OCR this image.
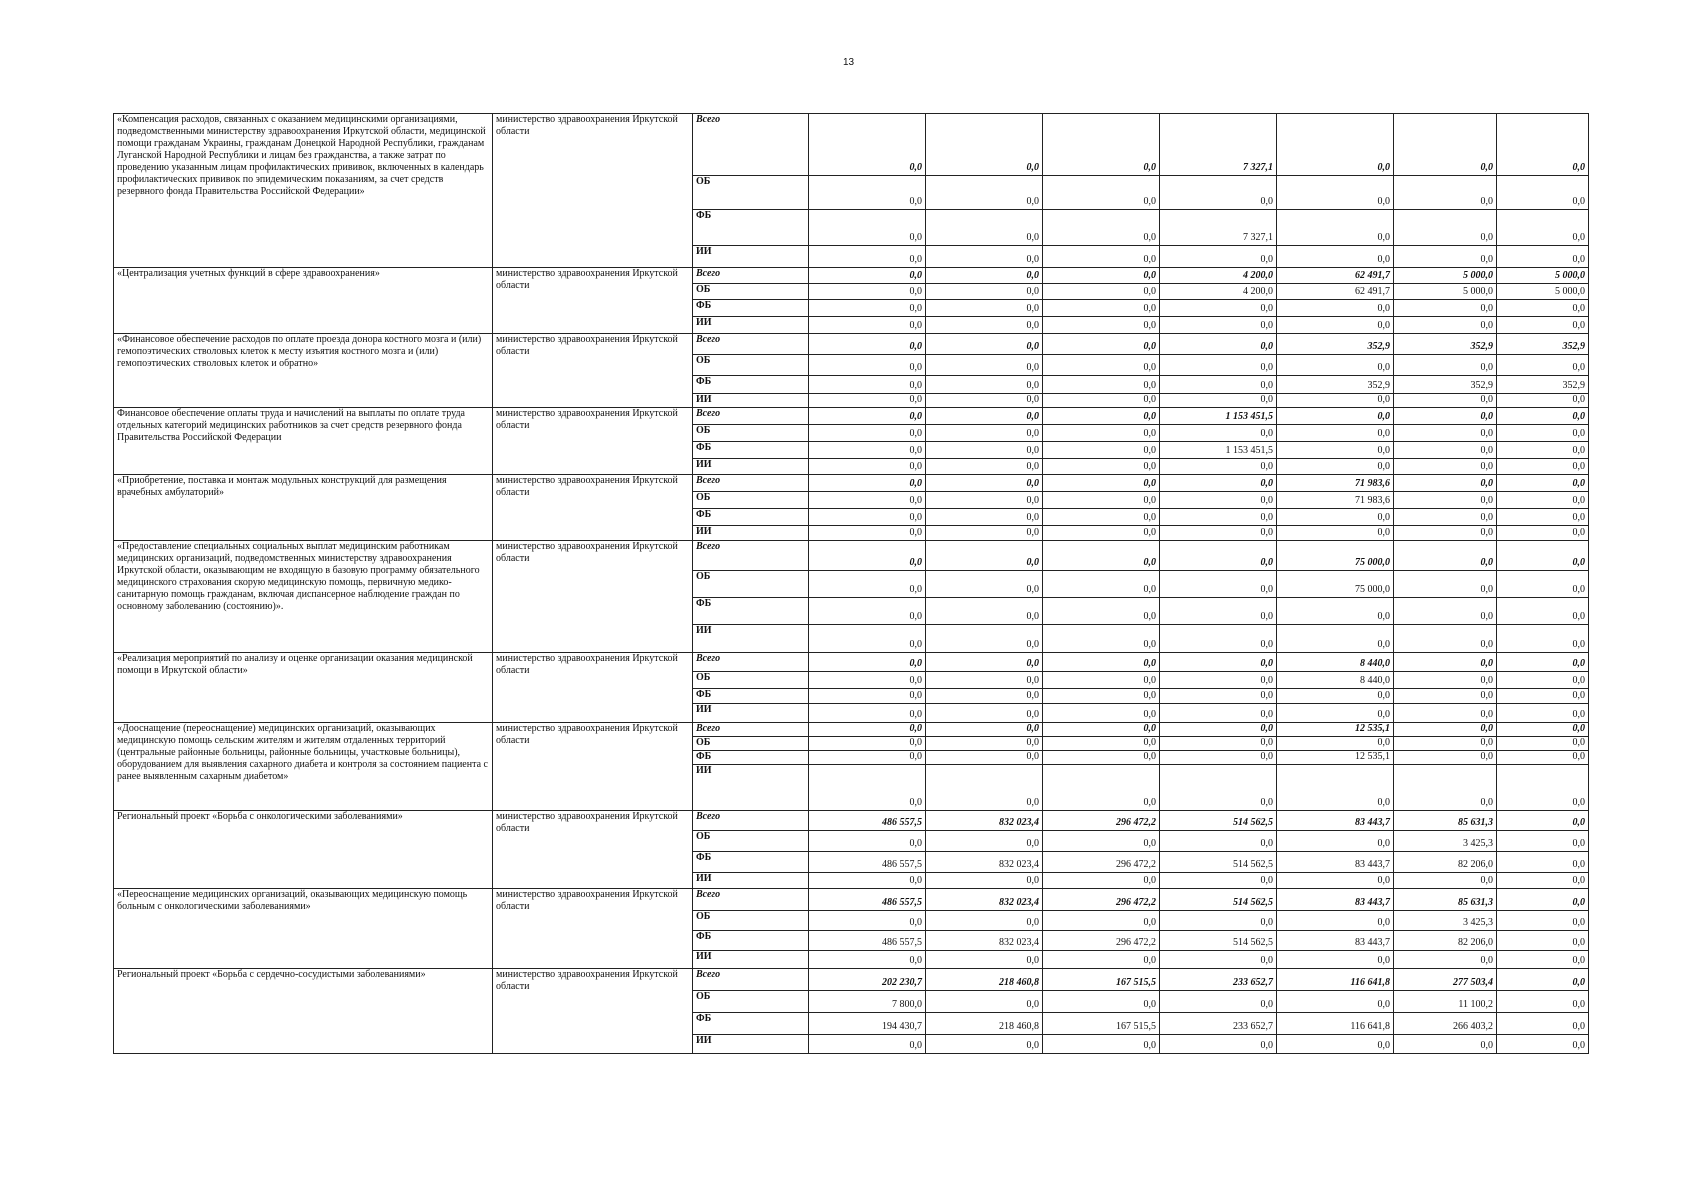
13
«Компенсация расходов, связанных с оказанием медицинскими организациями, подведомственными министерству здравоохранения Иркутской области, медицинской помощи гражданам Украины, гражданам Донецкой Народной Республики, гражданам Луганской Народной Республики и лицам без гражданства, а также затрат по проведению указанным лицам профилактических прививок, включенных в календарь профилактических прививок по эпидемическим показаниям, за счет средств резервного фонда Правительства Российской Федерации»	министерство здравоохранения Иркутской области	Всего	0,0	0,0	0,0	7 327,1	0,0	0,0	0,0
		ОБ	0,0	0,0	0,0	0,0	0,0	0,0	0,0
		ФБ	0,0	0,0	0,0	7 327,1	0,0	0,0	0,0
		ИИ	0,0	0,0	0,0	0,0	0,0	0,0	0,0
«Централизация учетных функций в сфере здравоохранения»	министерство здравоохранения Иркутской области	Всего	0,0	0,0	0,0	4 200,0	62 491,7	5 000,0	5 000,0
		ОБ	0,0	0,0	0,0	4 200,0	62 491,7	5 000,0	5 000,0
		ФБ	0,0	0,0	0,0	0,0	0,0	0,0	0,0
		ИИ	0,0	0,0	0,0	0,0	0,0	0,0	0,0
«Финансовое обеспечение расходов по оплате проезда донора костного мозга и (или) гемопоэтических стволовых клеток к месту изъятия костного мозга и (или) гемопоэтических стволовых клеток и обратно»	министерство здравоохранения Иркутской области	Всего	0,0	0,0	0,0	0,0	352,9	352,9	352,9
		ОБ	0,0	0,0	0,0	0,0	0,0	0,0	0,0
		ФБ	0,0	0,0	0,0	0,0	352,9	352,9	352,9
		ИИ	0,0	0,0	0,0	0,0	0,0	0,0	0,0
Финансовое обеспечение оплаты труда и начислений на выплаты по оплате труда отдельных категорий медицинских работников за счет средств резервного фонда Правительства Российской Федерации	министерство здравоохранения Иркутской области	Всего	0,0	0,0	0,0	1 153 451,5	0,0	0,0	0,0
		ОБ	0,0	0,0	0,0	0,0	0,0	0,0	0,0
		ФБ	0,0	0,0	0,0	1 153 451,5	0,0	0,0	0,0
		ИИ	0,0	0,0	0,0	0,0	0,0	0,0	0,0
«Приобретение, поставка и монтаж модульных конструкций для размещения врачебных амбулаторий»	министерство здравоохранения Иркутской области	Всего	0,0	0,0	0,0	0,0	71 983,6	0,0	0,0
		ОБ	0,0	0,0	0,0	0,0	71 983,6	0,0	0,0
		ФБ	0,0	0,0	0,0	0,0	0,0	0,0	0,0
		ИИ	0,0	0,0	0,0	0,0	0,0	0,0	0,0
«Предоставление специальных социальных выплат медицинским работникам медицинских организаций, подведомственных министерству здравоохранения Иркутской области, оказывающим не входящую в базовую программу обязательного медицинского страхования скорую медицинскую помощь, первичную медико-санитарную помощь гражданам, включая диспансерное наблюдение граждан по основному заболеванию (состоянию)».	министерство здравоохранения Иркутской области	Всего	0,0	0,0	0,0	0,0	75 000,0	0,0	0,0
		ОБ	0,0	0,0	0,0	0,0	75 000,0	0,0	0,0
		ФБ	0,0	0,0	0,0	0,0	0,0	0,0	0,0
		ИИ	0,0	0,0	0,0	0,0	0,0	0,0	0,0
«Реализация мероприятий по анализу и оценке организации оказания медицинской помощи в Иркутской области»	министерство здравоохранения Иркутской области	Всего	0,0	0,0	0,0	0,0	8 440,0	0,0	0,0
		ОБ	0,0	0,0	0,0	0,0	8 440,0	0,0	0,0
		ФБ	0,0	0,0	0,0	0,0	0,0	0,0	0,0
		ИИ	0,0	0,0	0,0	0,0	0,0	0,0	0,0
«Дооснащение (переоснащение) медицинских организаций, оказывающих медицинскую помощь сельским жителям и жителям отдаленных территорий (центральные районные больницы, районные больницы, участковые больницы), оборудованием для выявления сахарного диабета и контроля за состоянием пациента с ранее выявленным сахарным диабетом»	министерство здравоохранения Иркутской области	Всего	0,0	0,0	0,0	0,0	12 535,1	0,0	0,0
		ОБ	0,0	0,0	0,0	0,0	0,0	0,0	0,0
		ФБ	0,0	0,0	0,0	0,0	12 535,1	0,0	0,0
		ИИ	0,0	0,0	0,0	0,0	0,0	0,0	0,0
Региональный проект «Борьба с онкологическими заболеваниями»	министерство здравоохранения Иркутской области	Всего	486 557,5	832 023,4	296 472,2	514 562,5	83 443,7	85 631,3	0,0
		ОБ	0,0	0,0	0,0	0,0	0,0	3 425,3	0,0
		ФБ	486 557,5	832 023,4	296 472,2	514 562,5	83 443,7	82 206,0	0,0
		ИИ	0,0	0,0	0,0	0,0	0,0	0,0	0,0
«Переоснащение медицинских организаций, оказывающих медицинскую помощь больным с онкологическими заболеваниями»	министерство здравоохранения Иркутской области	Всего	486 557,5	832 023,4	296 472,2	514 562,5	83 443,7	85 631,3	0,0
		ОБ	0,0	0,0	0,0	0,0	0,0	3 425,3	0,0
		ФБ	486 557,5	832 023,4	296 472,2	514 562,5	83 443,7	82 206,0	0,0
		ИИ	0,0	0,0	0,0	0,0	0,0	0,0	0,0
Региональный проект «Борьба с сердечно-сосудистыми заболеваниями»	министерство здравоохранения Иркутской области	Всего	202 230,7	218 460,8	167 515,5	233 652,7	116 641,8	277 503,4	0,0
		ОБ	7 800,0	0,0	0,0	0,0	0,0	11 100,2	0,0
		ФБ	194 430,7	218 460,8	167 515,5	233 652,7	116 641,8	266 403,2	0,0
		ИИ	0,0	0,0	0,0	0,0	0,0	0,0	0,0
